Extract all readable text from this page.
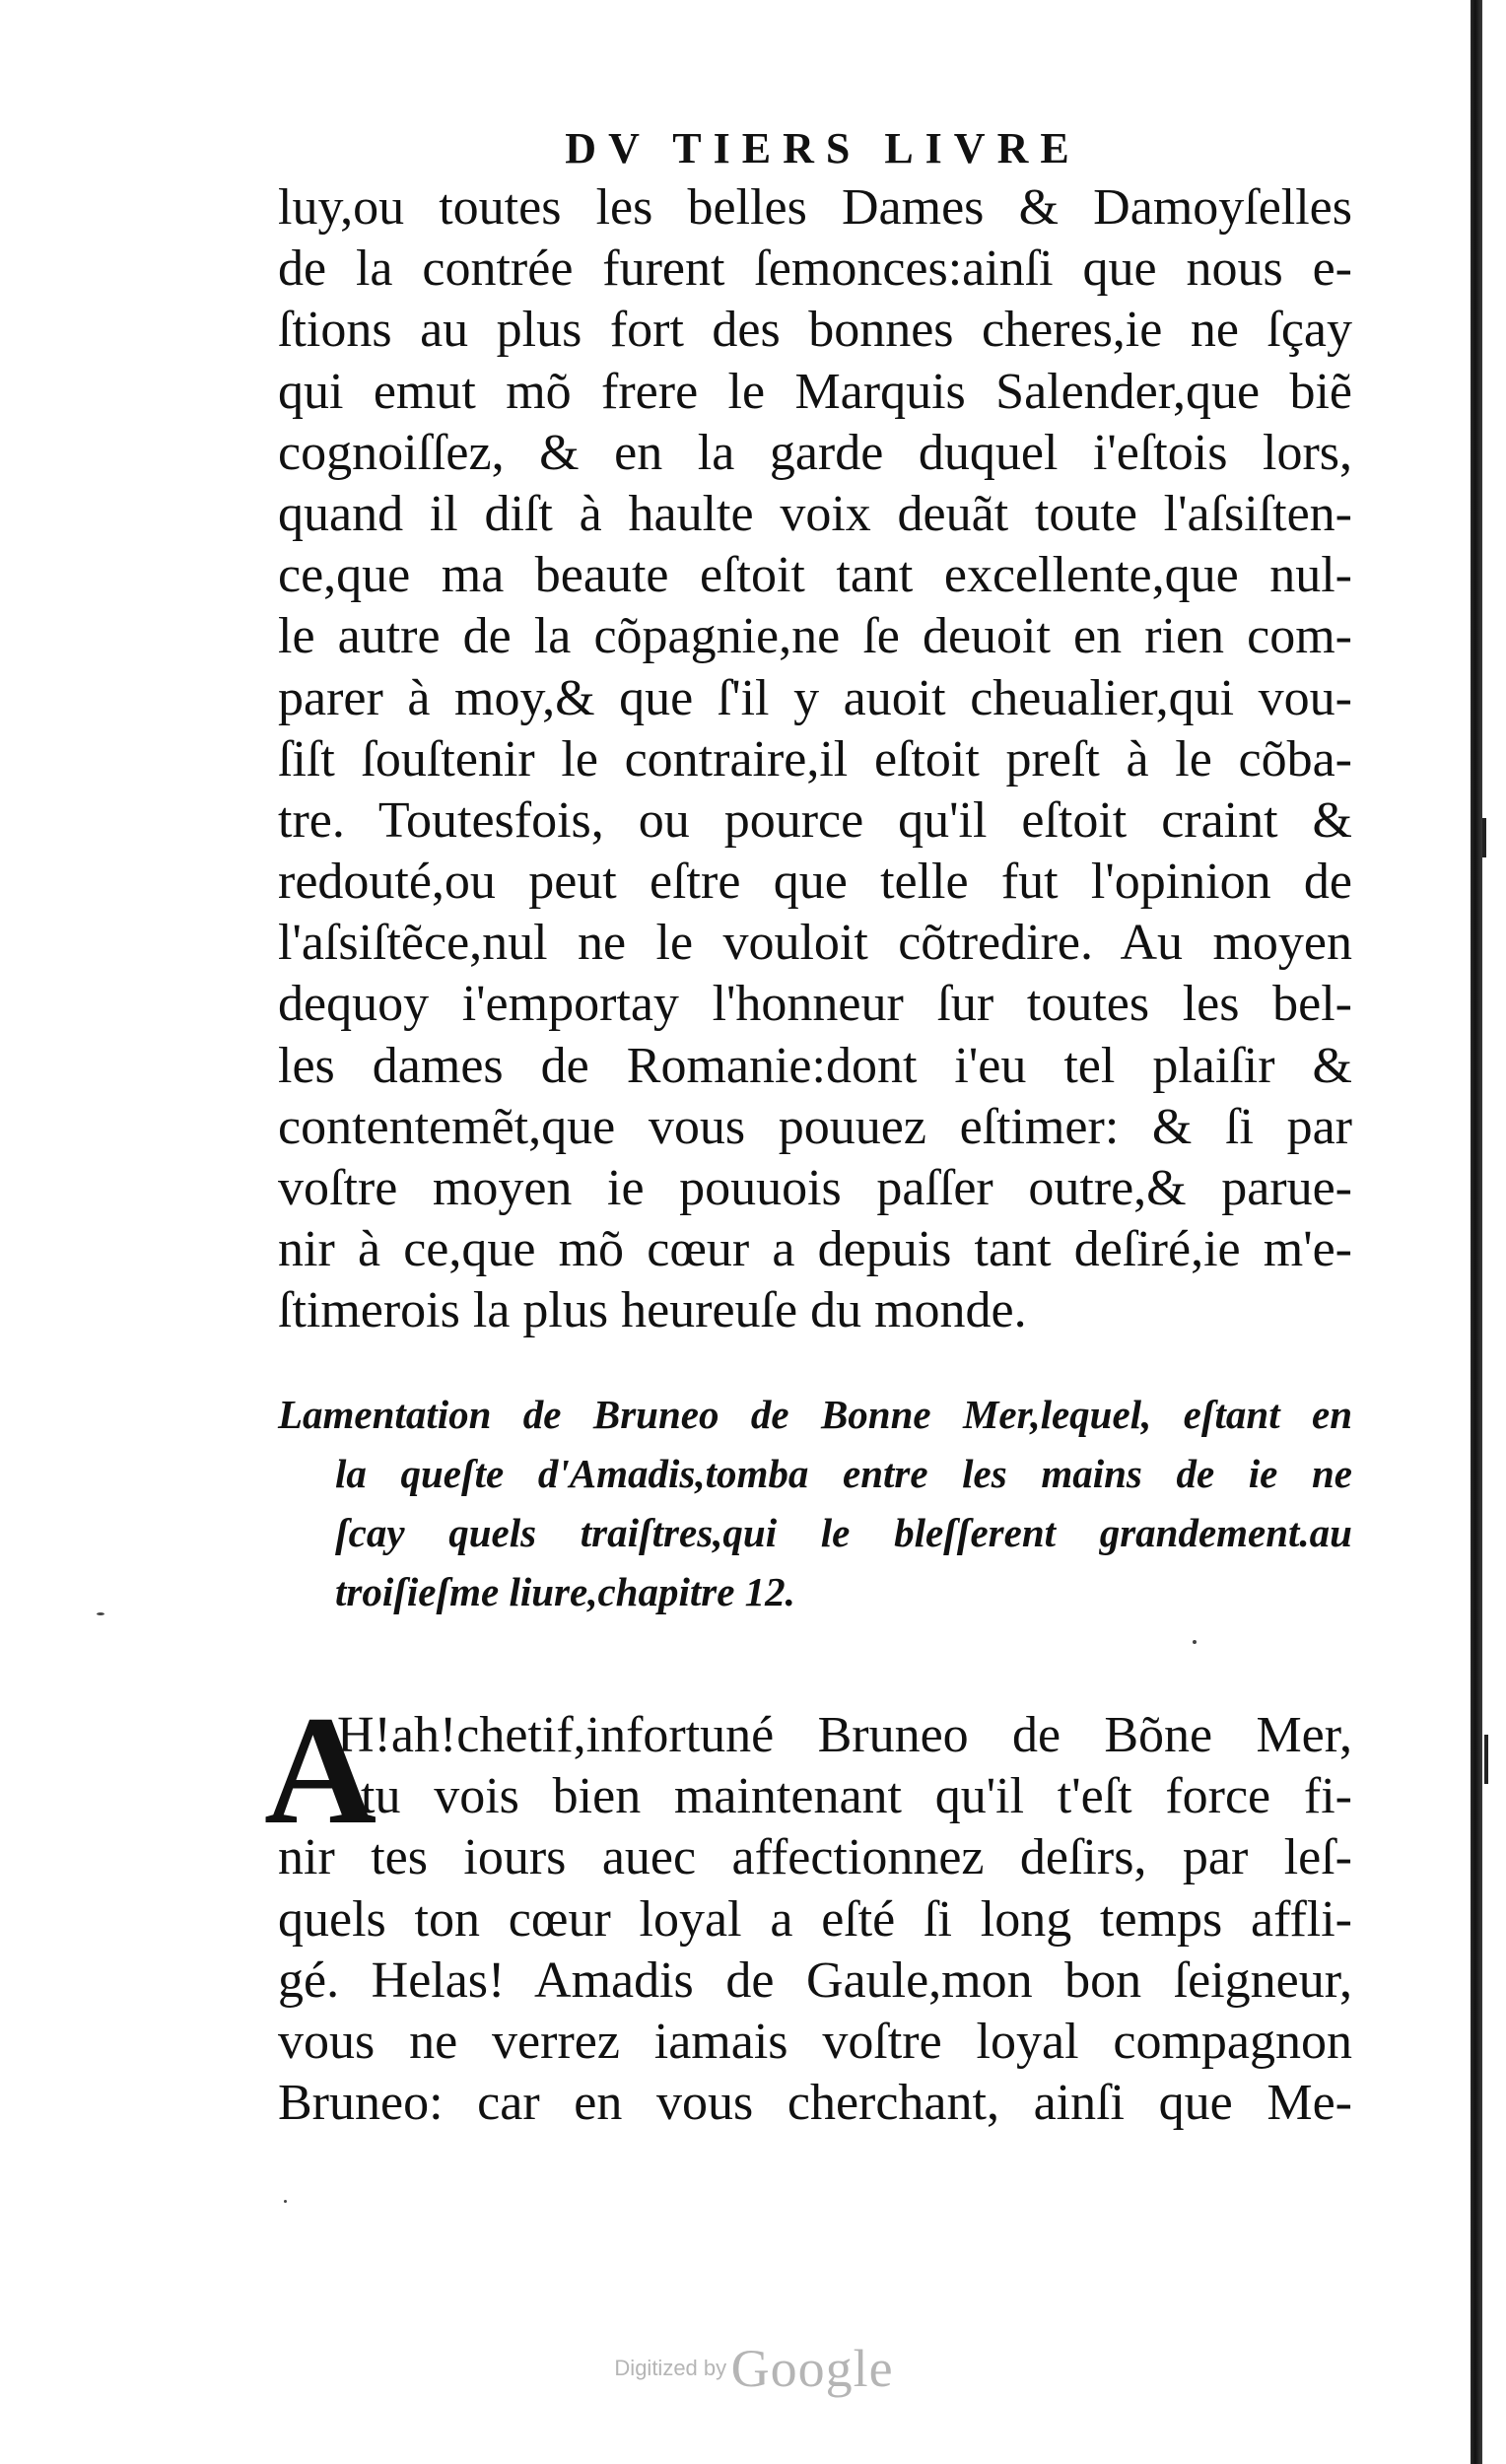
DV TIERS LIVRE
luy,ou toutes les belles Dames & Damoyſelles
de la contrée furent ſemonces:ainſi que nous e-
ſtions au plus fort des bonnes cheres,ie ne ſçay
qui emut mõ frere le Marquis Salender,que biẽ
cognoiſſez, & en la garde duquel i'eſtois lors,
quand il diſt à haulte voix deuãt toute l'aſsiſten-
ce,que ma beaute eſtoit tant excellente,que nul-
le autre de la cõpagnie,ne ſe deuoit en rien com-
parer à moy,& que ſ'il y auoit cheualier,qui vou-
ſiſt ſouſtenir le contraire,il eſtoit preſt à le cõba-
tre. Toutesfois, ou pource qu'il eſtoit craint &
redouté,ou peut eſtre que telle fut l'opinion de
l'aſsiſtẽce,nul ne le vouloit cõtredire. Au moyen
dequoy i'emportay l'honneur ſur toutes les bel-
les dames de Romanie:dont i'eu tel plaiſir &
contentemẽt,que vous pouuez eſtimer: & ſi par
voſtre moyen ie pouuois paſſer outre,& parue-
nir à ce,que mõ cœur a depuis tant deſiré,ie m'e-
ſtimerois la plus heureuſe du monde.
Lamentation de Bruneo de Bonne Mer,lequel, eſtant en
la queſte d'Amadis,tomba entre les mains de ie ne
ſcay quels traiſtres,qui le bleſſerent grandement.au
troiſieſme liure,chapitre 12.
A
H!ah!chetif,infortuné Bruneo de Bõne Mer,
tu vois bien maintenant qu'il t'eſt force fi-
nir tes iours auec affectionnez deſirs, par leſ-
quels ton cœur loyal a eſté ſi long temps affli-
gé. Helas! Amadis de Gaule,mon bon ſeigneur,
vous ne verrez iamais voſtre loyal compagnon
Bruneo: car en vous cherchant, ainſi que Me-
Digitized by Google
